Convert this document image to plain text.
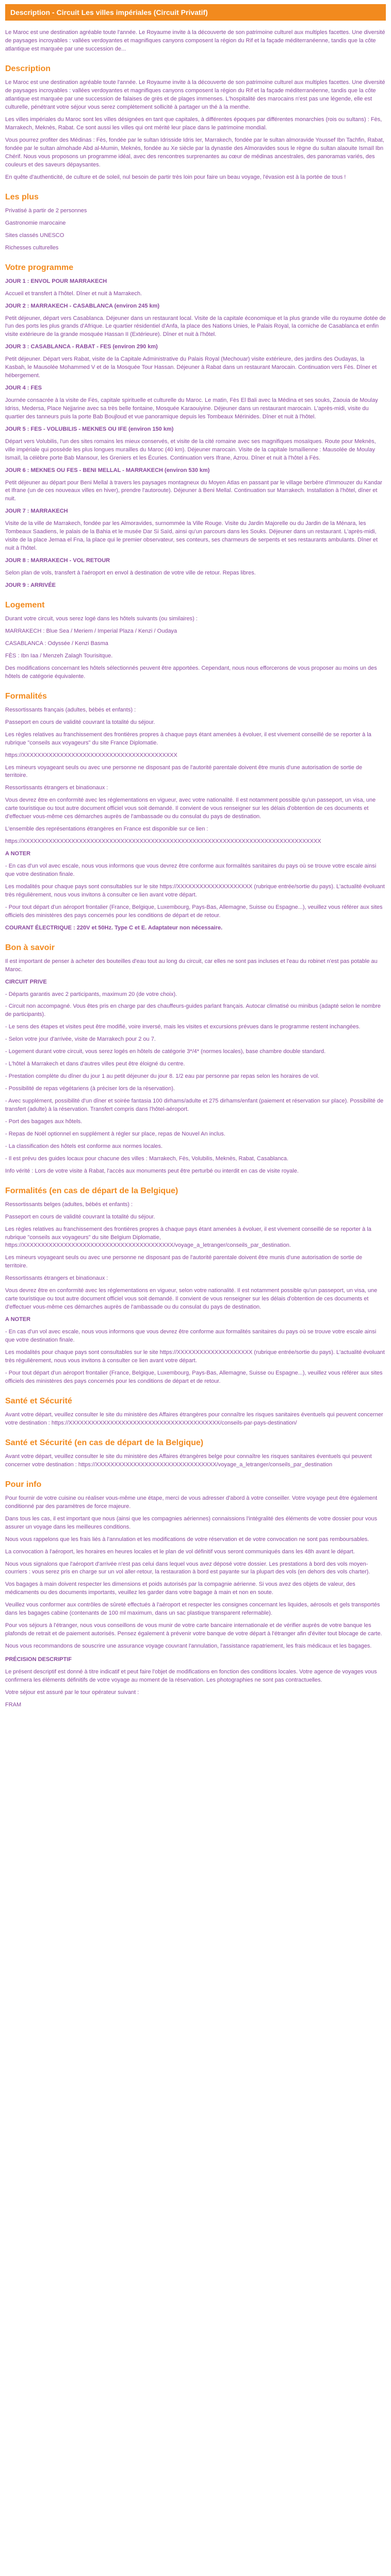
Description - Circuit Les villes impériales (Circuit Privatif)

Le Maroc est une destination agréable toute l'année. Le Royaume invite à la découverte de son patrimoine culturel aux multiples facettes. Une diversité de paysages incroyables : vallées verdoyantes et magnifiques canyons composent la région du Rif et la façade méditerranéenne, tandis que la côte atlantique est marquée par une succession de...

Description

Le Maroc est une destination agréable toute l'année. Le Royaume invite à la découverte de son patrimoine culturel aux multiples facettes. Une diversité de paysages incroyables : vallées verdoyantes et magnifiques canyons composent la région du Rif et la façade méditerranéenne, tandis que la côte atlantique est marquée par une succession de falaises de grès et de plages immenses. L'hospitalité des marocains n'est pas une légende, elle est culturelle, pénétrant votre séjour vous serez complètement sollicité à partager un thé à la menthe.

Les villes impériales du Maroc sont les villes désignées en tant que capitales, à différentes époques par différentes monarchies (rois ou sultans) : Fès, Marrakech, Meknès, Rabat. Ce sont aussi les villes qui ont mérité leur place dans le patrimoine mondial.

Vous pourrez profiter des Médinas : Fès, fondée par le sultan Idrisside Idris Ier, Marrakech, fondée par le sultan almoravide Youssef Ibn Tachfin, Rabat, fondée par le sultan almohade Abd al-Mumin, Meknès, fondée au Xe siècle par la dynastie des Almoravides sous le règne du sultan alaouite Ismaïl Ibn Chérif. Nous vous proposons un programme idéal, avec des rencontres surprenantes au cœur de médinas ancestrales, des panoramas variés, des couleurs et des saveurs dépaysantes.

En quête d'authenticité, de culture et de soleil, nul besoin de partir très loin pour faire un beau voyage, l'évasion est à la portée de tous !

Les plus

Privatisé à partir de 2 personnes

Gastronomie marocaine

Sites classés UNESCO

Richesses culturelles

Votre programme

JOUR 1 : ENVOL POUR MARRAKECH

Accueil et transfert à l'hôtel. Dîner et nuit à Marrakech.

JOUR 2 : MARRAKECH - CASABLANCA (environ 245 km)

Petit déjeuner, départ vers Casablanca. Déjeuner dans un restaurant local. Visite de la capitale économique et la plus grande ville du royaume dotée de l'un des ports les plus grands d'Afrique. Le quartier résidentiel d'Anfa, la place des Nations Unies, le Palais Royal, la corniche de Casablanca et enfin visite extérieure de la grande mosquée Hassan II (Extérieure). Dîner et nuit à l'hôtel.

JOUR 3 : CASABLANCA - RABAT - FES (environ 290 km)

Petit déjeuner. Départ vers Rabat, visite de la Capitale Administrative du Palais Royal (Mechouar) visite extérieure, des jardins des Oudayas, la Kasbah, le Mausolée Mohammed V et de la Mosquée Tour Hassan. Déjeuner à Rabat dans un restaurant Marocain. Continuation vers Fès. Dîner et hébergement.

JOUR 4 : FES

Journée consacrée à la visite de Fès, capitale spirituelle et culturelle du Maroc. Le matin, Fès El Bali avec la Médina et ses souks, Zaouia de Moulay Idriss, Medersa, Place Nejjarine avec sa très belle fontaine, Mosquée Karaouiyine. Déjeuner dans un restaurant marocain. L'après-midi, visite du quartier des tanneurs puis la porte Bab Boujloud et vue panoramique depuis les Tombeaux Mérinides. Dîner et nuit à l'hôtel.

JOUR 5 : FES - VOLUBILIS - MEKNES OU IFE (environ 150 km)

Départ vers Volubilis, l'un des sites romains les mieux conservés, et visite de la cité romaine avec ses magnifiques mosaïques. Route pour Meknès, ville impériale qui possède les plus longues murailles du Maroc (40 km). Déjeuner marocain. Visite de la capitale Ismaïlienne : Mausolée de Moulay Ismaïl, la célèbre porte Bab Mansour, les Greniers et les Écuries. Continuation vers Ifrane, Azrou. Dîner et nuit à l'hôtel à Fès.

JOUR 6 : MEKNES OU FES - BENI MELLAL - MARRAKECH (environ 530 km)

Petit déjeuner au départ pour Beni Mellal à travers les paysages montagneux du Moyen Atlas en passant par le village berbère d'Immouzer du Kandar et Ifrane (un de ces nouveaux villes en hiver), prendre l'autoroute). Déjeuner à Beni Mellal. Continuation sur Marrakech. Installation à l'hôtel, dîner et nuit.

JOUR 7 : MARRAKECH

Visite de la ville de Marrakech, fondée par les Almoravides, surnommée la Ville Rouge. Visite du Jardin Majorelle ou du Jardin de la Ménara, les Tombeaux Saadiens, le palais de la Bahia et le musée Dar Si Saïd, ainsi qu'un parcours dans les Souks. Déjeuner dans un restaurant. L'après-midi, visite de la place Jemaa el Fna, la place qui le premier observateur, ses conteurs, ses charmeurs de serpents et ses restaurants ambulants. Dîner et nuit à l'hôtel.

JOUR 8 : MARRAKECH - VOL RETOUR

Selon plan de vols, transfert à l'aéroport en envol à destination de votre ville de retour. Repas libres.

JOUR 9 : ARRIVÉE

Logement

Durant votre circuit, vous serez logé dans les hôtels suivants (ou similaires) :

MARRAKECH : Blue Sea / Meriem / Imperial Plaza / Kenzi / Oudaya

CASABLANCA : Odyssée / Kenzi Basma

FÈS : Ibn Iaa / Menzeh Zalagh Tourisitque.

Des modifications concernant les hôtels sélectionnés peuvent être apportées. Cependant, nous nous efforcerons de vous proposer au moins un des hôtels de catégorie équivalente.

Formalités

Ressortissants français (adultes, bébés et enfants) :

Passeport en cours de validité couvrant la totalité du séjour.

Les règles relatives au franchissement des frontières propres à chaque pays étant amenées à évoluer, il est vivement conseillé de se reporter à la rubrique "conseils aux voyageurs" du site France Diplomatie.

https://XXXXXXXXXXXXXXXXXXXXXXXXXXXXXXXXXXXXXXXXX

Les mineurs voyageant seuls ou avec une personne ne disposant pas de l'autorité parentale doivent être munis d'une autorisation de sortie de territoire.

Ressortissants étrangers et binationaux :

Vous devrez être en conformité avec les réglementations en vigueur, avec votre nationalité. Il est notamment possible qu'un passeport, un visa, une carte touristique ou tout autre document officiel vous soit demandé. Il convient de vous renseigner sur les délais d'obtention de ces documents et d'effectuer vous-même ces démarches auprès de l'ambassade ou du consulat du pays de destination.

L'ensemble des représentations étrangères en France est disponible sur ce lien :

https://XXXXXXXXXXXXXXXXXXXXXXXXXXXXXXXXXXXXXXXXXXXXXXXXXXXXXXXXXXXXXXXXXXXXXXXXXXXXXXX

A NOTER

- En cas d'un vol avec escale, nous vous informons que vous devrez être conforme aux formalités sanitaires du pays où se trouve votre escale ainsi que votre destination finale.

Les modalités pour chaque pays sont consultables sur le site https://XXXXXXXXXXXXXXXXXXXX (rubrique entrée/sortie du pays). L'actualité évoluant très régulièrement, nous vous invitons à consulter ce lien avant votre départ.

- Pour tout départ d'un aéroport frontalier (France, Belgique, Luxembourg, Pays-Bas, Allemagne, Suisse ou Espagne...), veuillez vous référer aux sites officiels des ministères des pays concernés pour les conditions de départ et de retour.

COURANT ÉLECTRIQUE : 220V et 50Hz. Type C et E. Adaptateur non nécessaire.

Bon à savoir

Il est important de penser à acheter des bouteilles d'eau tout au long du circuit, car elles ne sont pas incluses et l'eau du robinet n'est pas potable au Maroc.

CIRCUIT PRIVE

- Départs garantis avec 2 participants, maximum 20 (de votre choix).

- Circuit non accompagné. Vous êtes pris en charge par des chauffeurs-guides parlant français. Autocar climatisé ou minibus (adapté selon le nombre de participants).

- Le sens des étapes et visites peut être modifié, voire inversé, mais les visites et excursions prévues dans le programme restent inchangées.

- Selon votre jour d'arrivée, visite de Marrakech pour 2 ou 7.

- Logement durant votre circuit, vous serez logés en hôtels de catégorie 3*/4* (normes locales), base chambre double standard.

- L'hôtel à Marrakech et dans d'autres villes peut être éloigné du centre.

- Prestation complète du dîner du jour 1 au petit déjeuner du jour 8. 1/2 eau par personne par repas selon les horaires de vol.

- Possibilité de repas végétariens (à préciser lors de la réservation).

- Avec supplément, possibilité d'un dîner et soirée fantasia 100 dirhams/adulte et 275 dirhams/enfant (paiement et réservation sur place). Possibilité de transfert (adulte) à la réservation. Transfert compris dans l'hôtel-aéroport.

- Port des bagages aux hôtels.

- Repas de Noël optionnel en supplément à régler sur place, repas de Nouvel An inclus.

- La classification des hôtels est conforme aux normes locales.

- Il est prévu des guides locaux pour chacune des villes : Marrakech, Fès, Volubilis, Meknès, Rabat, Casablanca.

Info vérité : Lors de votre visite à Rabat, l'accès aux monuments peut être perturbé ou interdit en cas de visite royale.

Formalités (en cas de départ de la Belgique)

Ressortissants belges (adultes, bébés et enfants) :

Passeport en cours de validité couvrant la totalité du séjour.

Les règles relatives au franchissement des frontières propres à chaque pays étant amenées à évoluer, il est vivement conseillé de se reporter à la rubrique "conseils aux voyageurs" du site Belgium Diplomatie, https://XXXXXXXXXXXXXXXXXXXXXXXXXXXXXXXXXXXXXXXX/voyage_a_letranger/conseils_par_destination.

Les mineurs voyageant seuls ou avec une personne ne disposant pas de l'autorité parentale doivent être munis d'une autorisation de sortie de territoire.

Ressortissants étrangers et binationaux :

Vous devrez être en conformité avec les réglementations en vigueur, selon votre nationalité. Il est notamment possible qu'un passeport, un visa, une carte touristique ou tout autre document officiel vous soit demandé. Il convient de vous renseigner sur les délais d'obtention de ces documents et d'effectuer vous-même ces démarches auprès de l'ambassade ou du consulat du pays de destination.

A NOTER

- En cas d'un vol avec escale, nous vous informons que vous devrez être conforme aux formalités sanitaires du pays où se trouve votre escale ainsi que votre destination finale.

Les modalités pour chaque pays sont consultables sur le site https://XXXXXXXXXXXXXXXXXXXX (rubrique entrée/sortie du pays). L'actualité évoluant très régulièrement, nous vous invitons à consulter ce lien avant votre départ.

- Pour tout départ d'un aéroport frontalier (France, Belgique, Luxembourg, Pays-Bas, Allemagne, Suisse ou Espagne...), veuillez vous référer aux sites officiels des ministères des pays concernés pour les conditions de départ et de retour.

Santé et Sécurité

Avant votre départ, veuillez consulter le site du ministère des Affaires étrangères pour connaître les risques sanitaires éventuels qui peuvent concerner votre destination : https://XXXXXXXXXXXXXXXXXXXXXXXXXXXXXXXXXXXXXXXX/conseils-par-pays-destination/

Santé et Sécurité (en cas de départ de la Belgique)

Avant votre départ, veuillez consulter le site du ministère des Affaires étrangères belge pour connaître les risques sanitaires éventuels qui peuvent concerner votre destination : https://XXXXXXXXXXXXXXXXXXXXXXXXXXXXXXXX/voyage_a_letranger/conseils_par_destination

Pour info

Pour fournir de votre cuisine ou réaliser vous-même une étape, merci de vous adresser d'abord à votre conseiller. Votre voyage peut être également conditionné par des paramètres de force majeure.

Dans tous les cas, il est important que nous (ainsi que les compagnies aériennes) connaissions l'intégralité des éléments de votre dossier pour vous assurer un voyage dans les meilleures conditions.

Nous vous rappelons que les frais liés à l'annulation et les modifications de votre réservation et de votre convocation ne sont pas remboursables.

La convocation à l'aéroport, les horaires en heures locales et le plan de vol définitif vous seront communiqués dans les 48h avant le départ.

Nous vous signalons que l'aéroport d'arrivée n'est pas celui dans lequel vous avez déposé votre dossier. Les prestations à bord des vols moyen-courriers : vous serez pris en charge sur un vol aller-retour, la restauration à bord est payante sur la plupart des vols (en dehors des vols charter).

Vos bagages à main doivent respecter les dimensions et poids autorisés par la compagnie aérienne. Si vous avez des objets de valeur, des médicaments ou des documents importants, veuillez les garder dans votre bagage à main et non en soute.

Veuillez vous conformer aux contrôles de sûreté effectués à l'aéroport et respecter les consignes concernant les liquides, aérosols et gels transportés dans les bagages cabine (contenants de 100 ml maximum, dans un sac plastique transparent refermable).

Pour vos séjours à l'étranger, nous vous conseillons de vous munir de votre carte bancaire internationale et de vérifier auprès de votre banque les plafonds de retrait et de paiement autorisés. Pensez également à prévenir votre banque de votre départ à l'étranger afin d'éviter tout blocage de carte.

Nous vous recommandons de souscrire une assurance voyage couvrant l'annulation, l'assistance rapatriement, les frais médicaux et les bagages.

PRÉCISION DESCRIPTIF

Le présent descriptif est donné à titre indicatif et peut faire l'objet de modifications en fonction des conditions locales. Votre agence de voyages vous confirmera les éléments définitifs de votre voyage au moment de la réservation. Les photographies ne sont pas contractuelles.

Votre séjour est assuré par le tour opérateur suivant :

FRAM
